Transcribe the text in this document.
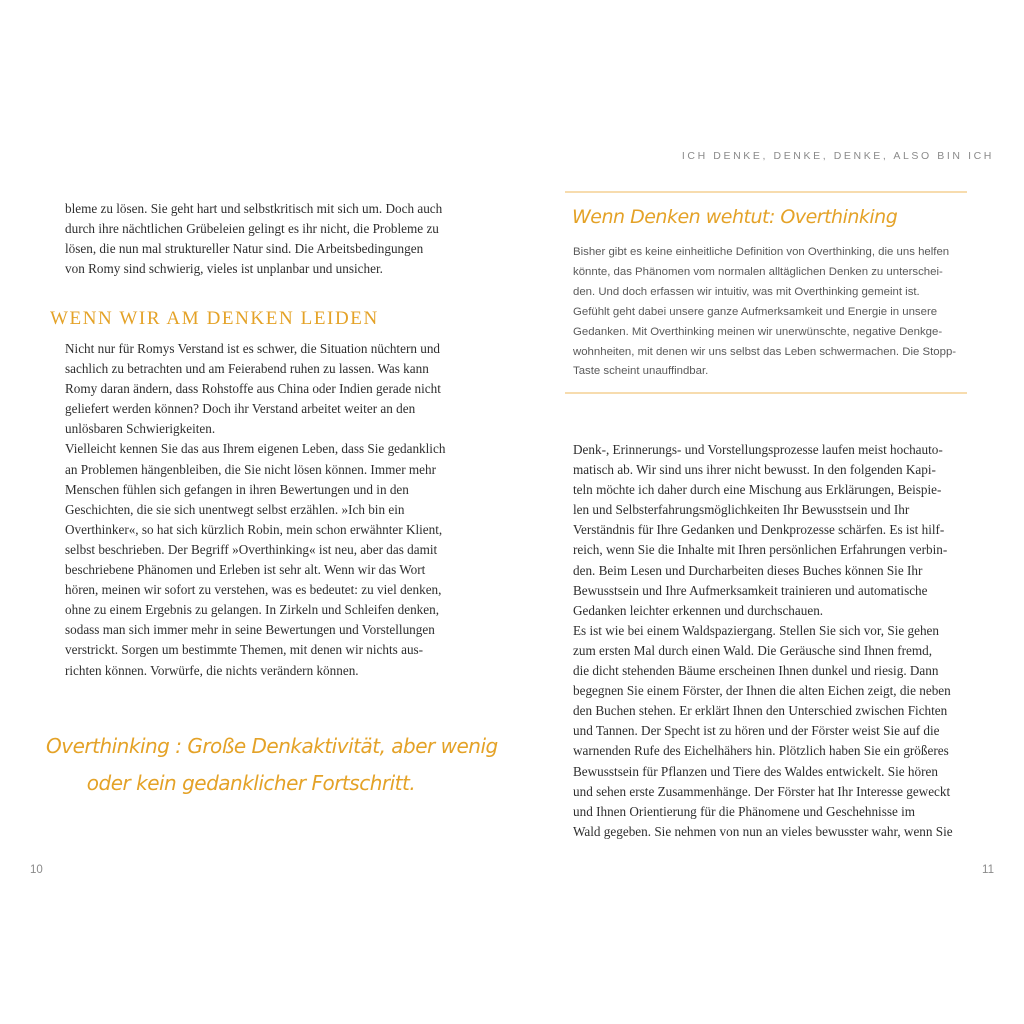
ICH DENKE, DENKE, DENKE, ALSO BIN ICH
bleme zu lösen. Sie geht hart und selbstkritisch mit sich um. Doch auch
durch ihre nächtlichen Grübeleien gelingt es ihr nicht, die Probleme zu
lösen, die nun mal struktureller Natur sind. Die Arbeitsbedingungen
von Romy sind schwierig, vieles ist unplanbar und unsicher.
WENN WIR AM DENKEN LEIDEN
Nicht nur für Romys Verstand ist es schwer, die Situation nüchtern und
sachlich zu betrachten und am Feierabend ruhen zu lassen. Was kann
Romy daran ändern, dass Rohstoffe aus China oder Indien gerade nicht
geliefert werden können? Doch ihr Verstand arbeitet weiter an den
unlösbaren Schwierigkeiten.
Vielleicht kennen Sie das aus Ihrem eigenen Leben, dass Sie gedanklich
an Problemen hängenbleiben, die Sie nicht lösen können. Immer mehr
Menschen fühlen sich gefangen in ihren Bewertungen und in den
Geschichten, die sie sich unentwegt selbst erzählen. »Ich bin ein
Overthinker«, so hat sich kürzlich Robin, mein schon erwähnter Klient,
selbst beschrieben. Der Begriff »Overthinking« ist neu, aber das damit
beschriebene Phänomen und Erleben ist sehr alt. Wenn wir das Wort
hören, meinen wir sofort zu verstehen, was es bedeutet: zu viel denken,
ohne zu einem Ergebnis zu gelangen. In Zirkeln und Schleifen denken,
sodass man sich immer mehr in seine Bewertungen und Vorstellungen
verstrickt. Sorgen um bestimmte Themen, mit denen wir nichts aus-
richten können. Vorwürfe, die nichts verändern können.
Overthinking : Große Denkaktivität, aber wenig
oder kein gedanklicher Fortschritt.
10
Wenn Denken wehtut: Overthinking
Bisher gibt es keine einheitliche Definition von Overthinking, die uns helfen
könnte, das Phänomen vom normalen alltäglichen Denken zu unterschei-
den. Und doch erfassen wir intuitiv, was mit Overthinking gemeint ist.
Gefühlt geht dabei unsere ganze Aufmerksamkeit und Energie in unsere
Gedanken. Mit Overthinking meinen wir unerwünschte, negative Denkge-
wohnheiten, mit denen wir uns selbst das Leben schwermachen. Die Stopp-
Taste scheint unauffindbar.
Denk-, Erinnerungs- und Vorstellungsprozesse laufen meist hochauto-
matisch ab. Wir sind uns ihrer nicht bewusst. In den folgenden Kapi-
teln möchte ich daher durch eine Mischung aus Erklärungen, Beispie-
len und Selbsterfahrungsmöglichkeiten Ihr Bewusstsein und Ihr
Verständnis für Ihre Gedanken und Denkprozesse schärfen. Es ist hilf-
reich, wenn Sie die Inhalte mit Ihren persönlichen Erfahrungen verbin-
den. Beim Lesen und Durcharbeiten dieses Buches können Sie Ihr
Bewusstsein und Ihre Aufmerksamkeit trainieren und automatische
Gedanken leichter erkennen und durchschauen.
Es ist wie bei einem Waldspaziergang. Stellen Sie sich vor, Sie gehen
zum ersten Mal durch einen Wald. Die Geräusche sind Ihnen fremd,
die dicht stehenden Bäume erscheinen Ihnen dunkel und riesig. Dann
begegnen Sie einem Förster, der Ihnen die alten Eichen zeigt, die neben
den Buchen stehen. Er erklärt Ihnen den Unterschied zwischen Fichten
und Tannen. Der Specht ist zu hören und der Förster weist Sie auf die
warnenden Rufe des Eichelhähers hin. Plötzlich haben Sie ein größeres
Bewusstsein für Pflanzen und Tiere des Waldes entwickelt. Sie hören
und sehen erste Zusammenhänge. Der Förster hat Ihr Interesse geweckt
und Ihnen Orientierung für die Phänomene und Geschehnisse im
Wald gegeben. Sie nehmen von nun an vieles bewusster wahr, wenn Sie
11
